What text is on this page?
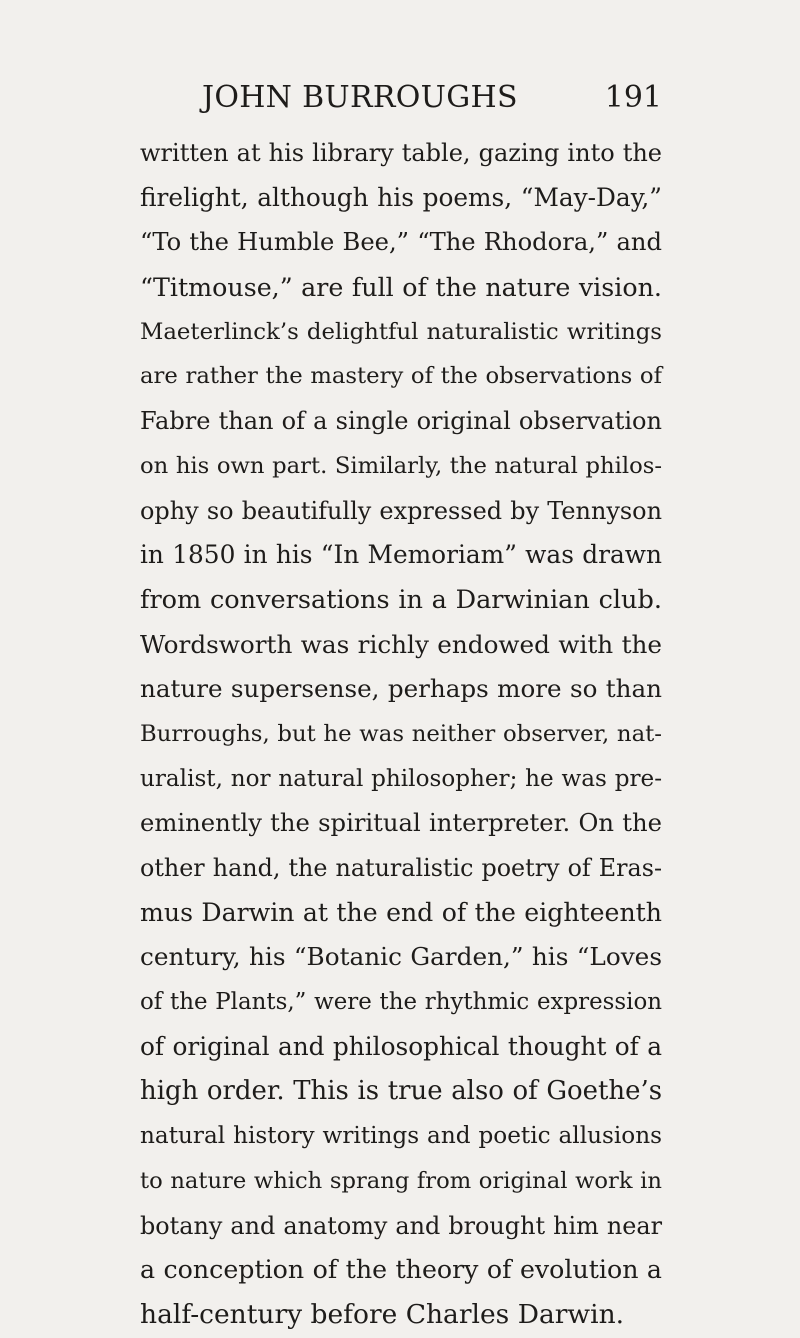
JOHN BURROUGHS	191
written at his library table, gazing into the
firelight, although his poems, “May-Day,”
“To the Humble Bee,” “The Rhodora,” and
“Titmouse,” are full of the nature vision.
Maeterlinck’s delightful naturalistic writings
are rather the mastery of the observations of
Fabre than of a single original observation
on his own part. Similarly, the natural philos-
ophy so beautifully expressed by Tennyson
in 1850 in his “In Memoriam” was drawn
from conversations in a Darwinian club.
Wordsworth was richly endowed with the
nature supersense, perhaps more so than
Burroughs, but he was neither observer, nat-
uralist, nor natural philosopher; he was pre-
eminently the spiritual interpreter. On the
other hand, the naturalistic poetry of Eras-
mus Darwin at the end of the eighteenth
century, his “Botanic Garden,” his “Loves
of the Plants,” were the rhythmic expression
of original and philosophical thought of a
high order. This is true also of Goethe’s
natural history writings and poetic allusions
to nature which sprang from original work in
botany and anatomy and brought him near
a conception of the theory of evolution a
half-century before Charles Darwin.
